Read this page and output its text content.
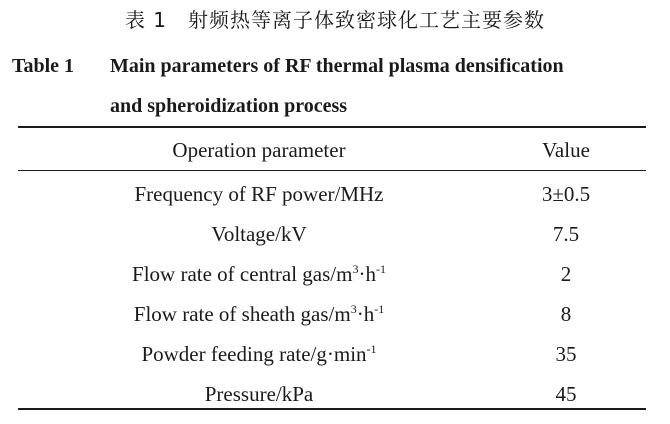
表 1　射频热等离子体致密球化工艺主要参数
Table 1 Main parameters of RF thermal plasma densification
and spheroidization process
Operation parameter	Value
Frequency of RF power/MHz	3±0.5
Voltage/kV	7.5
Flow rate of central gas/$m^3\cdot h^{-1}$	2
Flow rate of sheath gas/$m^3\cdot h^{-1}$	8
Powder feeding rate/$g\cdot\min^{-1}$	35
Pressure/kPa	45
